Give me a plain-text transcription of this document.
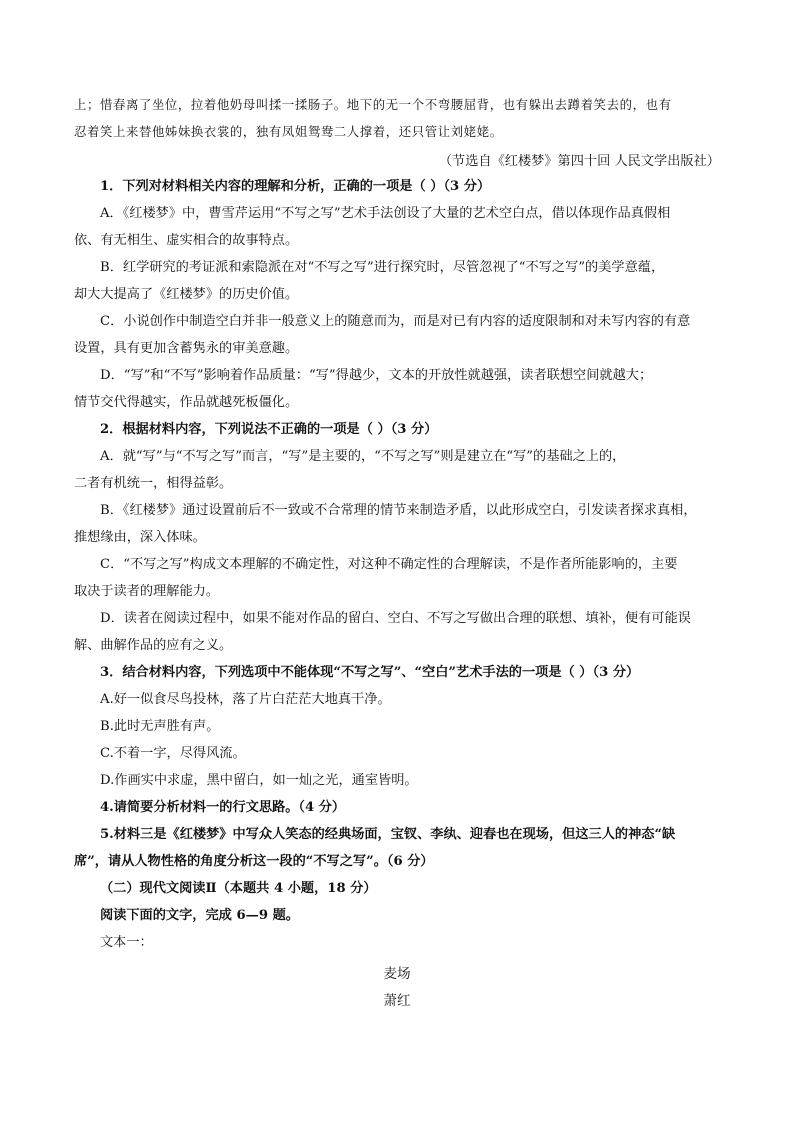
上；惜春离了坐位，拉着他奶母叫揉一揉肠子。地下的无一个不弯腰屈背，也有躲出去蹲着笑去的，也有
忍着笑上来替他姊妹换衣裳的，独有凤姐鸳鸯二人撑着，还只管让刘姥姥。
（节选自《红楼梦》第四十回 人民文学出版社）
1．下列对材料相关内容的理解和分析，正确的一项是（ ）（3 分）
A．《红楼梦》中，曹雪芹运用“不写之写”艺术手法创设了大量的艺术空白点，借以体现作品真假相
依、有无相生、虚实相合的故事特点。
B．红学研究的考证派和索隐派在对“不写之写”进行探究时，尽管忽视了“不写之写”的美学意蕴，
却大大提高了《红楼梦》的历史价值。
C．小说创作中制造空白并非一般意义上的随意而为，而是对已有内容的适度限制和对未写内容的有意
设置，具有更加含蓄隽永的审美意趣。
D．“写”和“不写”影响着作品质量：“写”得越少，文本的开放性就越强，读者联想空间就越大；
情节交代得越实，作品就越死板僵化。
2．根据材料内容，下列说法不正确的一项是（ ）（3 分）
A．就“写”与“不写之写”而言，“写”是主要的，“不写之写”则是建立在“写”的基础之上的，
二者有机统一，相得益彰。
B．《红楼梦》通过设置前后不一致或不合常理的情节来制造矛盾，以此形成空白，引发读者探求真相，
推想缘由，深入体味。
C．“不写之写”构成文本理解的不确定性，对这种不确定性的合理解读，不是作者所能影响的，主要
取决于读者的理解能力。
D．读者在阅读过程中，如果不能对作品的留白、空白、不写之写做出合理的联想、填补，便有可能误
解、曲解作品的应有之义。
3．结合材料内容，下列选项中不能体现“不写之写”、“空白”艺术手法的一项是（ ）（3 分）
A.好一似食尽鸟投林，落了片白茫茫大地真干净。
B.此时无声胜有声。
C.不着一字，尽得风流。
D.作画实中求虚，黑中留白，如一灿之光，通室皆明。
4.请简要分析材料一的行文思路。（4 分）
5.材料三是《红楼梦》中写众人笑态的经典场面，宝钗、李纨、迎春也在现场，但这三人的神态“缺
席”，请从人物性格的角度分析这一段的“不写之写”。（6 分）
（二）现代文阅读Ⅱ（本题共 4 小题，18 分）
阅读下面的文字，完成 6—9 题。
文本一：
麦场
萧红
